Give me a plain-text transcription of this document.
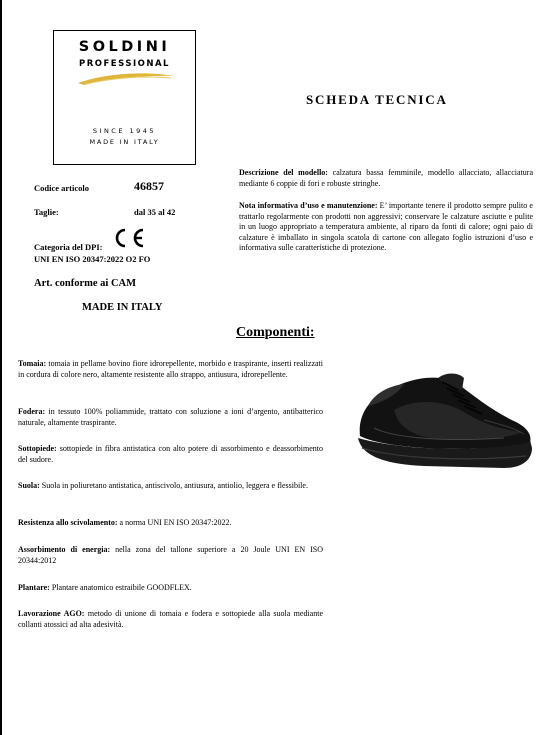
SOLDINI
PROFESSIONAL
SINCE 1945
MADE IN ITALY
SCHEDA TECNICA
Codice articolo	46857
Taglie:	dal 35 al 42
Categoria del DPI:
UNI EN ISO 20347:2022 O2 FO
Art. conforme ai CAM
MADE IN ITALY
Descrizione del modello: calzatura bassa femminile, modello allacciato, allacciatura mediante 6 coppie di fori e robuste stringhe.
Nota informativa d’uso e manutenzione: E’ importante tenere il prodotto sempre pulito e trattarlo regolarmente con prodotti non aggressivi; conservare le calzature asciutte e pulite in un luogo appropriato a temperatura ambiente, al riparo da fonti di calore; ogni paio di calzature è imballato in singola scatola di cartone con allegato foglio istruzioni d’uso e informativa sulle caratteristiche di protezione.
Componenti:
Tomaia: tomaia in pellame bovino fiore idrorepellente, morbido e traspirante, inserti realizzati in cordura di colore nero, altamente resistente allo strappo, antiusura, idrorepellente.
Fodera: in tessuto 100% poliammide, trattato con soluzione a ioni d’argento, antibatterico naturale, altamente traspirante.
Sottopiede: sottopiede in fibra antistatica con alto potere di assorbimento e deassorbimento del sudore.
Suola: Suola in poliuretano antistatica, antiscivolo, antiusura, antiolio, leggera e flessibile.
Resistenza allo scivolamento: a norma UNI EN ISO 20347:2022.
Assorbimento di energia: nella zona del tallone superiore a 20 Joule UNI EN ISO 20344:2012
Plantare: Plantare anatomico estraibile GOODFLEX.
Lavorazione AGO: metodo di unione di tomaia e fodera e sottopiede alla suola mediante collanti atossici ad alta adesività.
